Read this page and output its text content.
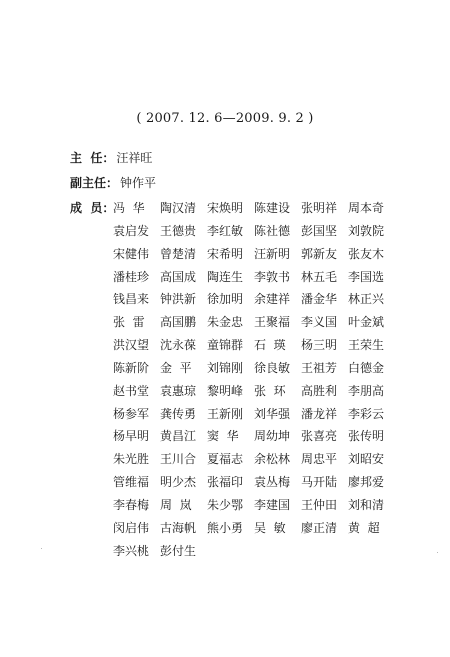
( 2007. 12. 6—2009. 9. 2 )
主  任： 汪祥旺
副主任： 钟作平
成  员：
冯  华	陶汉清 宋焕明 陈建设 张明祥 周本奇
袁启发 王德贵 李红敏 陈社德 彭国坚 刘敦院
宋健伟 曾楚清 宋希明 汪新明 郭新友 张友木
潘桂珍 高国成 陶连生 李敦书 林五毛 李国选
钱昌来 钟洪新 徐加明 余建祥 潘金华 林正兴
张  雷	高国鹏 朱金忠 王聚福 李义国 叶金斌
洪汉望 沈永葆 童锦群 石  瑛	杨三明 王荣生
陈新阶 金  平	刘锦刚 徐良敏 王祖芳 白德金
赵书堂 袁惠琼 黎明峰 张  环	高胜利 李朋高
杨参军 龚传勇 王新刚 刘华强 潘龙祥 李彩云
杨早明 黄昌江 窦  华	周幼坤 张喜亮 张传明
朱光胜 王川合 夏福志 余松林 周忠平 刘昭安
管维福 明少杰 张福印 袁丛梅 马开陆 廖邦爱
李春梅 周  岚	朱少鄂 李建国 王仲田 刘和清
闵启伟 古海帆 熊小勇 吴  敏	廖正清 黄  超
李兴桃 彭付生
